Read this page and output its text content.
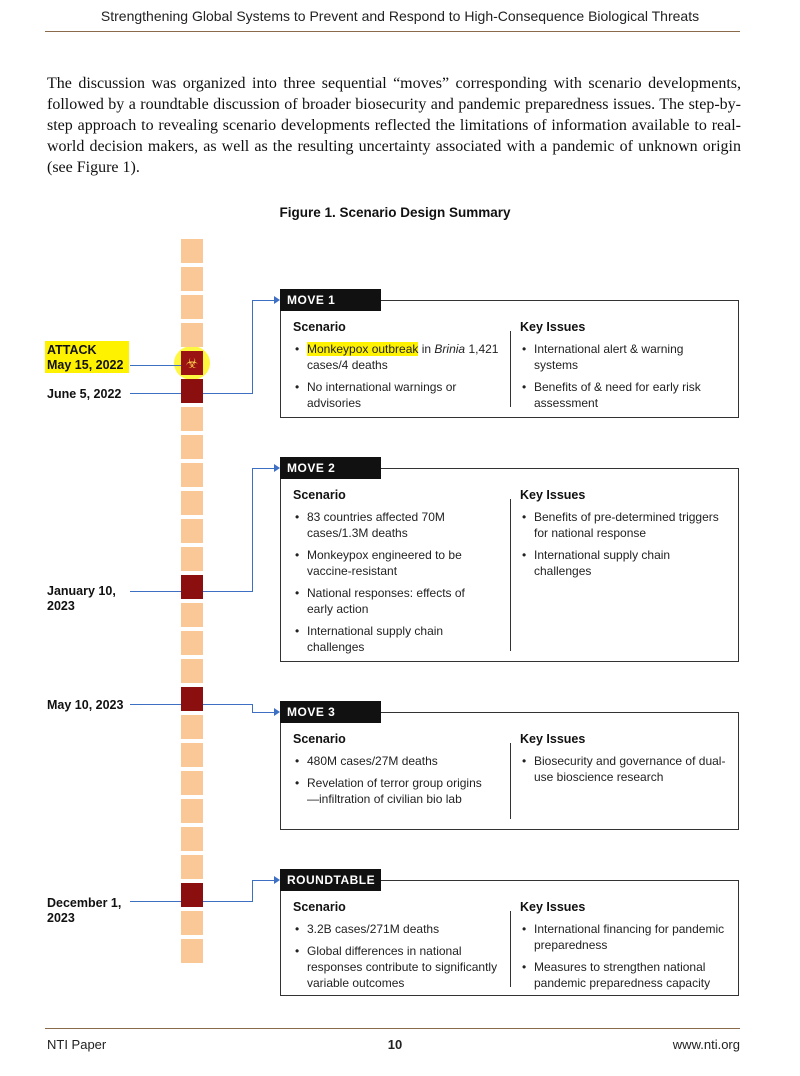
Strengthening Global Systems to Prevent and Respond to High-Consequence Biological Threats
The discussion was organized into three sequential “moves” corresponding with scenario developments, followed by a roundtable discussion of broader biosecurity and pandemic preparedness issues. The step-by-step approach to revealing scenario developments reflected the limitations of information available to real-world decision makers, as well as the resulting uncertainty associated with a pandemic of unknown origin (see Figure 1).
Figure 1. Scenario Design Summary
☣
ATTACK
May 15, 2022
June 5, 2022
January 10, 2023
May 10, 2023
December 1, 2023
Scenario
• Monkeypox outbreak in Brinia 1,421 cases/4 deaths
• No international warnings or advisories
Key Issues
• International alert & warning systems
• Benefits of & need for early risk assessment
MOVE 1
Scenario
• 83 countries affected 70M cases/1.3M deaths
• Monkeypox engineered to be vaccine-resistant
• National responses: effects of early action
• International supply chain challenges
Key Issues
• Benefits of pre-determined triggers for national response
• International supply chain challenges
MOVE 2
Scenario
• 480M cases/27M deaths
• Revelation of terror group origins—infiltration of civilian bio lab
Key Issues
• Biosecurity and governance of dual-use bioscience research
MOVE 3
Scenario
• 3.2B cases/271M deaths
• Global differences in national responses contribute to significantly variable outcomes
Key Issues
• International financing for pandemic preparedness
• Measures to strengthen national pandemic preparedness capacity
ROUNDTABLE
NTI Paper	10	www.nti.org
